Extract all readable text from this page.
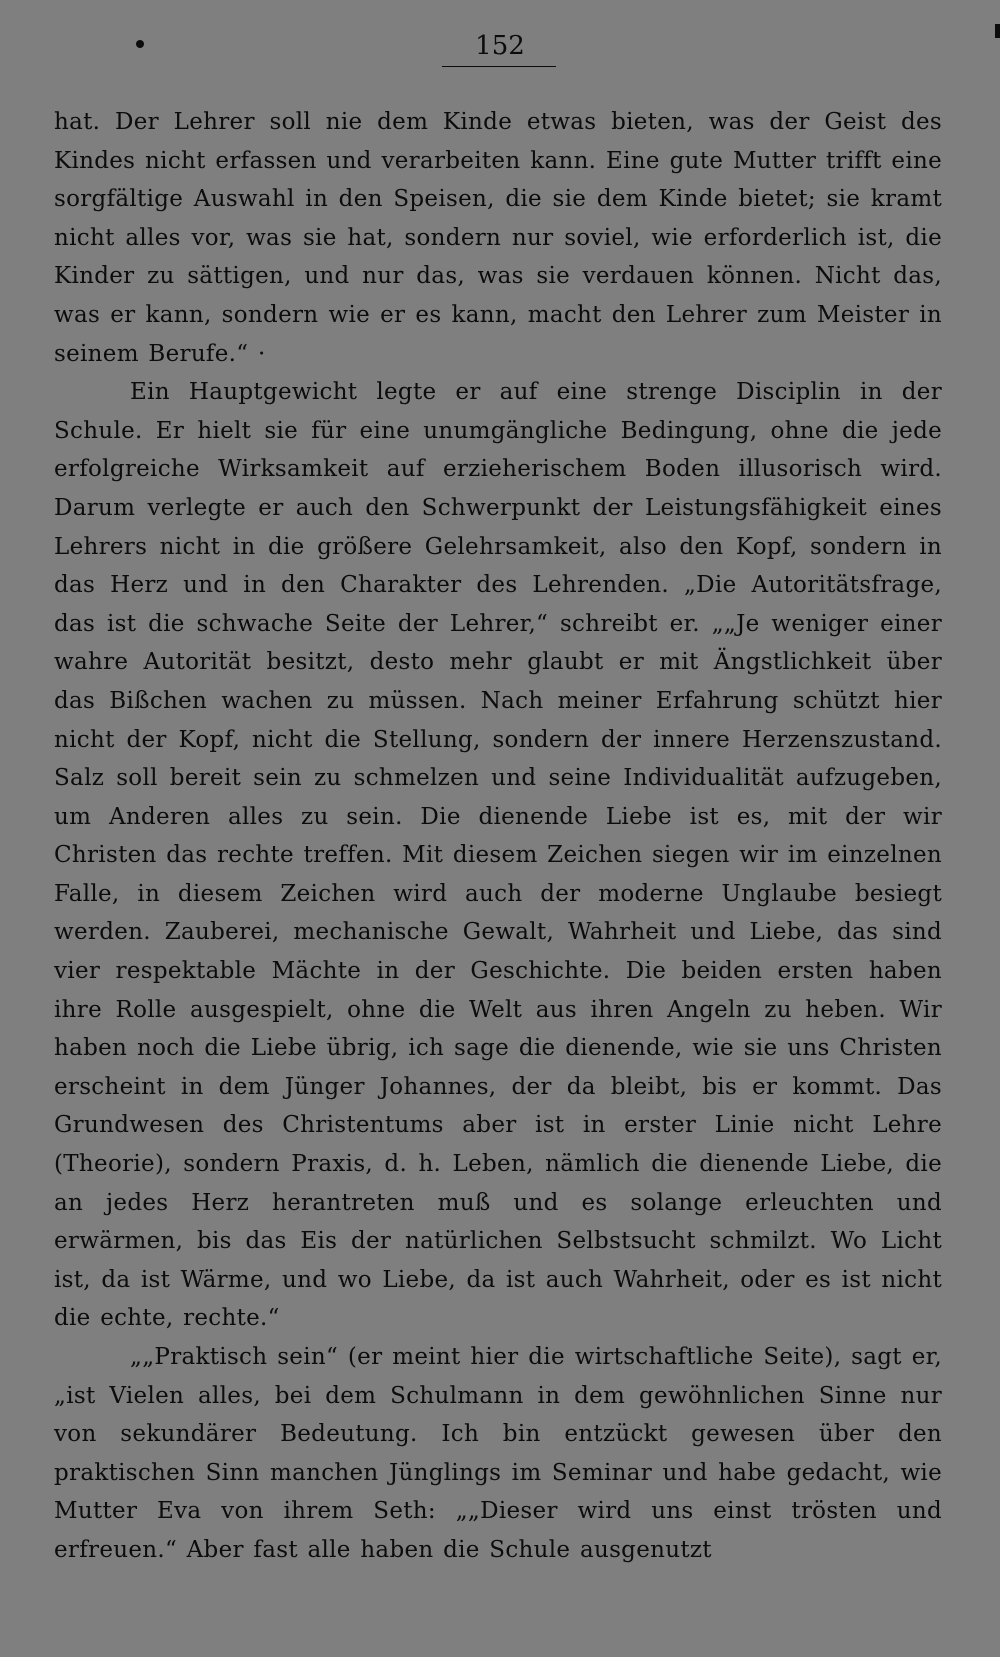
152

hat. Der Lehrer soll nie dem Kinde etwas bieten, was der Geist des Kindes nicht erfassen und verarbeiten kann. Eine gute Mutter trifft eine sorgfältige Auswahl in den Speisen, die sie dem Kinde bietet; sie kramt nicht alles vor, was sie hat, sondern nur soviel, wie erforderlich ist, die Kinder zu sättigen, und nur das, was sie verdauen können. Nicht das, was er kann, sondern wie er es kann, macht den Lehrer zum Meister in seinem Berufe.“ ·

Ein Hauptgewicht legte er auf eine strenge Disciplin in der Schule. Er hielt sie für eine unumgängliche Bedingung, ohne die jede erfolgreiche Wirksamkeit auf erzieherischem Boden illusorisch wird. Darum verlegte er auch den Schwerpunkt der Leistungsfähigkeit eines Lehrers nicht in die größere Gelehrsamkeit, also den Kopf, sondern in das Herz und in den Charakter des Lehrenden. „Die Autoritätsfrage, das ist die schwache Seite der Lehrer,“ schreibt er. „„Je weniger einer wahre Autorität besitzt, desto mehr glaubt er mit Ängstlichkeit über das Bißchen wachen zu müssen. Nach meiner Erfahrung schützt hier nicht der Kopf, nicht die Stellung, sondern der innere Herzenszustand. Salz soll bereit sein zu schmelzen und seine Individualität aufzugeben, um Anderen alles zu sein. Die dienende Liebe ist es, mit der wir Christen das rechte treffen. Mit diesem Zeichen siegen wir im einzelnen Falle, in diesem Zeichen wird auch der moderne Unglaube besiegt werden. Zauberei, mechanische Gewalt, Wahrheit und Liebe, das sind vier respektable Mächte in der Geschichte. Die beiden ersten haben ihre Rolle ausgespielt, ohne die Welt aus ihren Angeln zu heben. Wir haben noch die Liebe übrig, ich sage die dienende, wie sie uns Christen erscheint in dem Jünger Johannes, der da bleibt, bis er kommt. Das Grundwesen des Christentums aber ist in erster Linie nicht Lehre (Theorie), sondern Praxis, d. h. Leben, nämlich die dienende Liebe, die an jedes Herz herantreten muß und es solange erleuchten und erwärmen, bis das Eis der natürlichen Selbstsucht schmilzt. Wo Licht ist, da ist Wärme, und wo Liebe, da ist auch Wahrheit, oder es ist nicht die echte, rechte.“

„„Praktisch sein“ (er meint hier die wirtschaftliche Seite), sagt er, „ist Vielen alles, bei dem Schulmann in dem gewöhnlichen Sinne nur von sekundärer Bedeutung. Ich bin entzückt gewesen über den praktischen Sinn manchen Jünglings im Seminar und habe gedacht, wie Mutter Eva von ihrem Seth: „„Dieser wird uns einst trösten und erfreuen.“ Aber fast alle haben die Schule ausgenutzt
